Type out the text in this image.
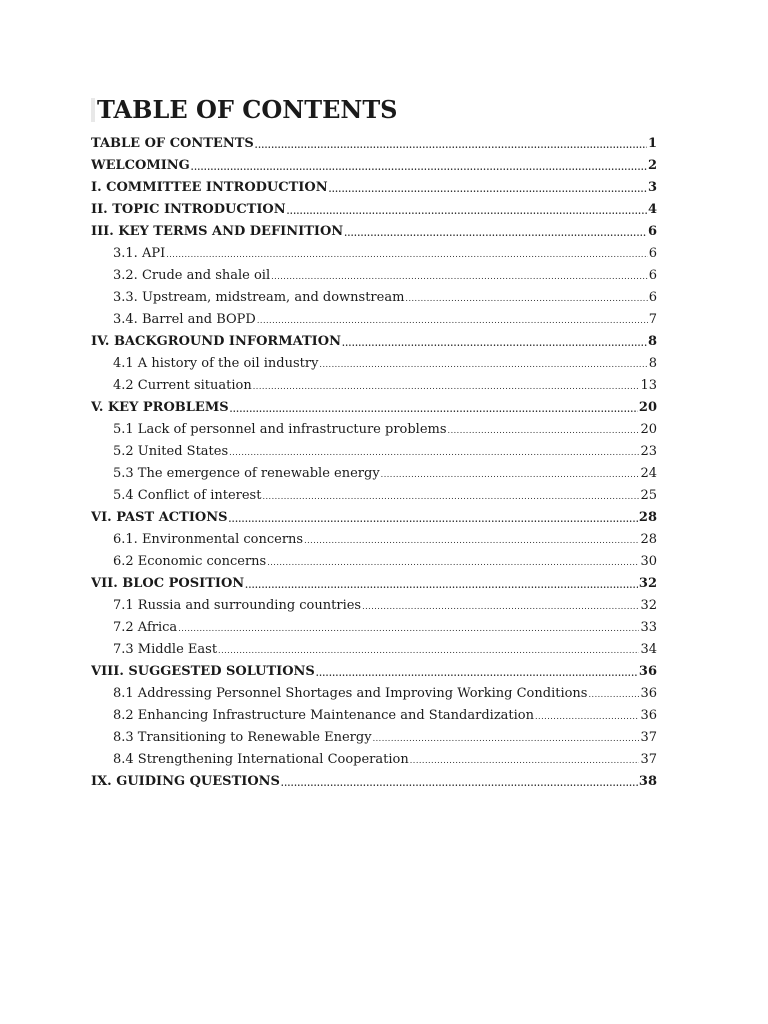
TABLE OF CONTENTS
TABLE OF CONTENTS .....	1
WELCOMING .....	2
I. COMMITTEE INTRODUCTION .....	3
II. TOPIC INTRODUCTION .....	4
III. KEY TERMS AND DEFINITION .....	6
3.1. API .....	6
3.2. Crude and shale oil .....	6
3.3. Upstream, midstream, and downstream .....	6
3.4. Barrel and BOPD .....	7
IV. BACKGROUND INFORMATION .....	8
4.1 A history of the oil industry .....	8
4.2 Current situation .....	13
V. KEY PROBLEMS .....	20
5.1 Lack of personnel and infrastructure problems .....	20
5.2 United States .....	23
5.3 The emergence of renewable energy .....	24
5.4 Conflict of interest .....	25
VI. PAST ACTIONS .....	28
6.1. Environmental concerns .....	28
6.2 Economic concerns .....	30
VII. BLOC POSITION .....	32
7.1 Russia and surrounding countries .....	32
7.2 Africa .....	33
7.3 Middle East .....	34
VIII. SUGGESTED SOLUTIONS .....	36
8.1 Addressing Personnel Shortages and Improving Working Conditions .....	36
8.2 Enhancing Infrastructure Maintenance and Standardization .....	36
8.3 Transitioning to Renewable Energy .....	37
8.4 Strengthening International Cooperation .....	37
IX. GUIDING QUESTIONS .....	38
